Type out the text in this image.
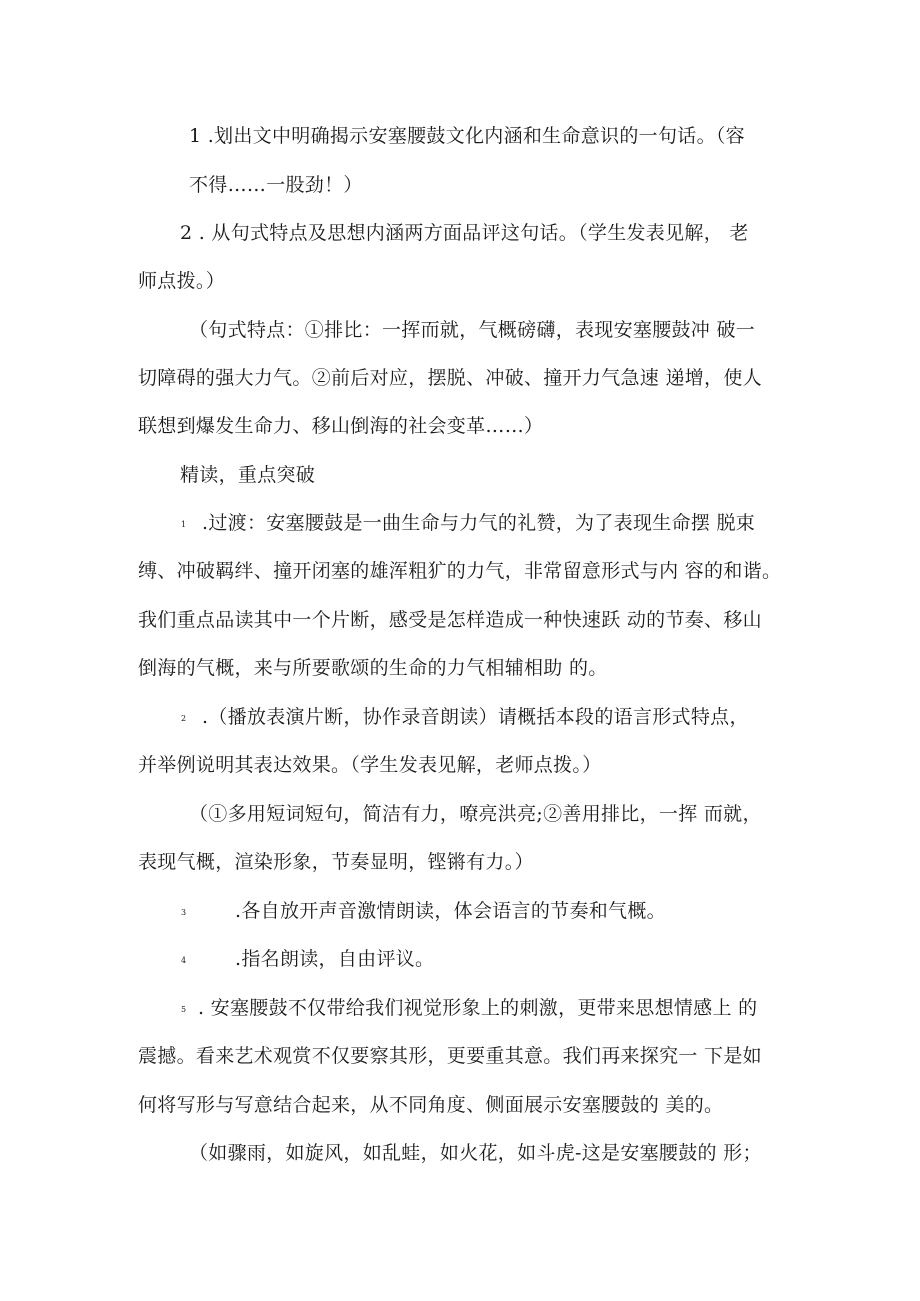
1 .划出文中明确揭示安塞腰鼓文化内涵和生命意识的一句话。（容
不得……一股劲！）
2 . 从句式特点及思想内涵两方面品评这句话。（学生发表见解， 老
师点拨。）
（句式特点：①排比：一挥而就，气概磅礴，表现安塞腰鼓冲 破一
切障碍的强大力气。②前后对应，摆脱、冲破、撞开力气急速 递增，使人
联想到爆发生命力、移山倒海的社会变革……）
精读，重点突破
1 .过渡：安塞腰鼓是一曲生命与力气的礼赞，为了表现生命摆 脱束
缚、冲破羁绊、撞开闭塞的雄浑粗犷的力气，非常留意形式与内 容的和谐。
我们重点品读其中一个片断，感受是怎样造成一种快速跃 动的节奏、移山
倒海的气概，来与所要歌颂的生命的力气相辅相助 的。
2 .（播放表演片断，协作录音朗读）请概括本段的语言形式特点，
并举例说明其表达效果。（学生发表见解，老师点拨。）
（①多用短词短句，简洁有力，嘹亮洪亮;②善用排比，一挥 而就，
表现气概，渲染形象，节奏显明，铿锵有力。）
3	.各自放开声音激情朗读，体会语言的节奏和气概。
4	.指名朗读，自由评议。
5 . 安塞腰鼓不仅带给我们视觉形象上的刺激，更带来思想情感上 的
震撼。看来艺术观赏不仅要察其形，更要重其意。我们再来探究一 下是如
何将写形与写意结合起来，从不同角度、侧面展示安塞腰鼓的 美的。
（如骤雨，如旋风，如乱蛙，如火花，如斗虎-这是安塞腰鼓的 形；
